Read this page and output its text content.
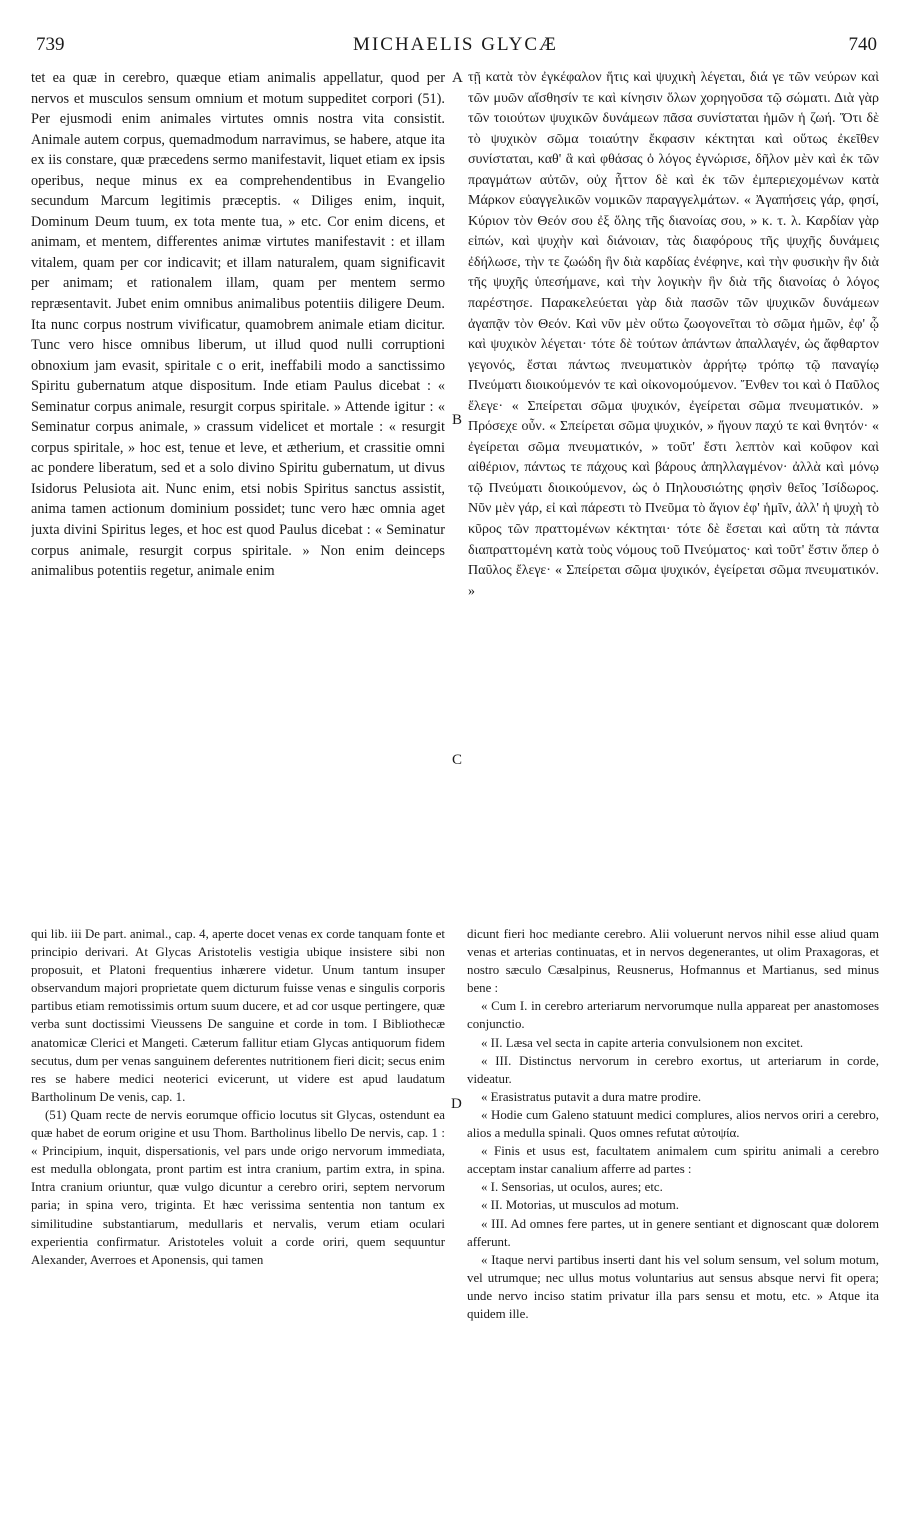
739	MICHAELIS GLYCÆ	740

tet ea quæ in cerebro, quæque etiam animalis appellatur, quod per nervos et musculos sensum omnium et motum suppeditet corpori (51). Per ejusmodi enim animales virtutes omnis nostra vita consistit. Animale autem corpus, quemadmodum narravimus, se habere, atque ita ex iis constare, quæ præcedens sermo manifestavit, liquet etiam ex ipsis operibus, neque minus ex ea comprehendentibus in Evangelio secundum Marcum legitimis præceptis. « Diliges enim, inquit, Dominum Deum tuum, ex tota mente tua, » etc. Cor enim dicens, et animam, et mentem, differentes animæ virtutes manifestavit : et illam vitalem, quam per cor indicavit; et illam naturalem, quam significavit per animam; et rationalem illam, quam per mentem sermo repræsentavit. Jubet enim omnibus animalibus potentiis diligere Deum. Ita nunc corpus nostrum vivificatur, quamobrem animale etiam dicitur. Tunc vero hisce omnibus liberum, ut illud quod nulli corruptioni obnoxium jam evasit, spiritale c o erit, ineffabili modo a sanctissimo Spiritu gubernatum atque dispositum. Inde etiam Paulus dicebat : « Seminatur corpus animale, resurgit corpus spiritale. » Attende igitur : « Seminatur corpus animale, » crassum videlicet et mortale : « resurgit corpus spiritale, » hoc est, tenue et leve, et ætherium, et crassitie omni ac pondere liberatum, sed et a solo divino Spiritu gubernatum, ut divus Isidorus Pelusiota ait. Nunc enim, etsi nobis Spiritus sanctus assistit, anima tamen actionum dominium possidet; tunc vero hæc omnia aget juxta divini Spiritus leges, et hoc est quod Paulus dicebat : « Seminatur corpus animale, resurgit corpus spiritale. » Non enim deinceps animalibus potentiis regetur, animale enim

τῇ κατὰ τὸν ἐγκέφαλον ἥτις καὶ ψυχικὴ λέγεται, διά γε τῶν νεύρων καὶ τῶν μυῶν αἴσθησίν τε καὶ κίνησιν ὅλων χορηγοῦσα τῷ σώματι. Διὰ γὰρ τῶν τοιούτων ψυχικῶν δυνάμεων πᾶσα συνίσταται ἡμῶν ἡ ζωή. Ὅτι δὲ τὸ ψυχικὸν σῶμα τοιαύτην ἔκφασιν κέκτηται καὶ οὕτως ἐκεῖθεν συνίσταται, καθ' ἃ καὶ φθάσας ὁ λόγος ἐγνώρισε, δῆλον μὲν καὶ ἐκ τῶν πραγμάτων αὐτῶν, οὐχ ἧττον δὲ καὶ ἐκ τῶν ἐμπεριεχομένων κατὰ Μάρκον εὐαγγελικῶν νομικῶν παραγγελμάτων. « Ἀγαπήσεις γάρ, φησί, Κύριον τὸν Θεόν σου ἐξ ὅλης τῆς διανοίας σου, » κ. τ. λ. Καρδίαν γὰρ εἰπών, καὶ ψυχὴν καὶ διάνοιαν, τὰς διαφόρους τῆς ψυχῆς δυνάμεις ἐδήλωσε, τὴν τε ζωώδη ἣν διὰ καρδίας ἐνέφηνε, καὶ τὴν φυσικὴν ἣν διὰ τῆς ψυχῆς ὑπεσήμανε, καὶ τὴν λογικὴν ἣν διὰ τῆς διανοίας ὁ λόγος παρέστησε. Παρακελεύεται γὰρ διὰ πασῶν τῶν ψυχικῶν δυνάμεων ἀγαπᾷν τὸν Θεόν. Καὶ νῦν μὲν οὕτω ζωογονεῖται τὸ σῶμα ἡμῶν, ἐφ' ᾧ καὶ ψυχικὸν λέγεται· τότε δὲ τούτων ἁπάντων ἀπαλλαγέν, ὡς ἄφθαρτον γεγονός, ἔσται πάντως πνευματικὸν ἀρρήτῳ τρόπῳ τῷ παναγίῳ Πνεύματι διοικούμενόν τε καὶ οἰκονομούμενον. Ἔνθεν τοι καὶ ὁ Παῦλος ἔλεγε· « Σπείρεται σῶμα ψυχικόν, ἐγείρεται σῶμα πνευματικόν. » Πρόσεχε οὖν. « Σπείρεται σῶμα ψυχικόν, » ἤγουν παχύ τε καὶ θνητόν· « ἐγείρεται σῶμα πνευματικόν, » τοῦτ' ἔστι λεπτὸν καὶ κοῦφον καὶ αἰθέριον, πάντως τε πάχους καὶ βάρους ἀπηλλαγμένον· ἀλλὰ καὶ μόνῳ τῷ Πνεύματι διοικούμενον, ὡς ὁ Πηλουσιώτης φησὶν θεῖος Ἰσίδωρος. Νῦν μὲν γάρ, εἰ καὶ πάρεστι τὸ Πνεῦμα τὸ ἅγιον ἐφ' ἡμῖν, ἀλλ' ἡ ψυχὴ τὸ κῦρος τῶν πραττομένων κέκτηται· τότε δὲ ἔσεται καὶ αὕτη τὰ πάντα διαπραττομένη κατὰ τοὺς νόμους τοῦ Πνεύματος· καὶ τοῦτ' ἔστιν ὅπερ ὁ Παῦλος ἔλεγε· « Σπείρεται σῶμα ψυχικόν, ἐγείρεται σῶμα πνευματικόν. »

A
B
C
D

qui lib. iii De part. animal., cap. 4, aperte docet venas ex corde tanquam fonte et principio derivari. At Glycas Aristotelis vestigia ubique insistere sibi non proposuit, et Platoni frequentius inhærere videtur. Unum tantum insuper observandum majori proprietate quem dicturum fuisse venas e singulis corporis partibus etiam remotissimis ortum suum ducere, et ad cor usque pertingere, quæ verba sunt doctissimi Vieussens De sanguine et corde in tom. I Bibliothecæ anatomicæ Clerici et Mangeti. Cæterum fallitur etiam Glycas antiquorum fidem secutus, dum per venas sanguinem deferentes nutritionem fieri dicit; secus enim res se habere medici neoterici evicerunt, ut videre est apud laudatum Bartholinum De venis, cap. 1.

(51) Quam recte de nervis eorumque officio locutus sit Glycas, ostendunt ea quæ habet de eorum origine et usu Thom. Bartholinus libello De nervis, cap. 1 : « Principium, inquit, dispersationis, vel pars unde origo nervorum immediata, est medulla oblongata, pront partim est intra cranium, partim extra, in spina. Intra cranium oriuntur, quæ vulgo dicuntur a cerebro oriri, septem nervorum paria; in spina vero, triginta. Et hæc verissima sententia non tantum ex similitudine substantiarum, medullaris et nervalis, verum etiam oculari experientia confirmatur. Aristoteles voluit a corde oriri, quem sequuntur Alexander, Averroes et Aponensis, qui tamen

dicunt fieri hoc mediante cerebro. Alii voluerunt nervos nihil esse aliud quam venas et arterias continuatas, et in nervos degenerantes, ut olim Praxagoras, et nostro sæculo Cæsalpinus, Reusnerus, Hofmannus et Martianus, sed minus bene :

« Cum I. in cerebro arteriarum nervorumque nulla appareat per anastomoses conjunctio.

« II. Læsa vel secta in capite arteria convulsionem non excitet.

« III. Distinctus nervorum in cerebro exortus, ut arteriarum in corde, videatur.

« Erasistratus putavit a dura matre prodire.

« Hodie cum Galeno statuunt medici complures, alios nervos oriri a cerebro, alios a medulla spinali. Quos omnes refutat αὐτοψία.

« Finis et usus est, facultatem animalem cum spiritu animali a cerebro acceptam instar canalium afferre ad partes :

« I. Sensorias, ut oculos, aures; etc.

« II. Motorias, ut musculos ad motum.

« III. Ad omnes fere partes, ut in genere sentiant et dignoscant quæ dolorem afferunt.

« Itaque nervi partibus inserti dant his vel solum sensum, vel solum motum, vel utrumque; nec ullus motus voluntarius aut sensus absque nervi fit opera; unde nervo inciso statim privatur illa pars sensu et motu, etc. » Atque ita quidem ille.
